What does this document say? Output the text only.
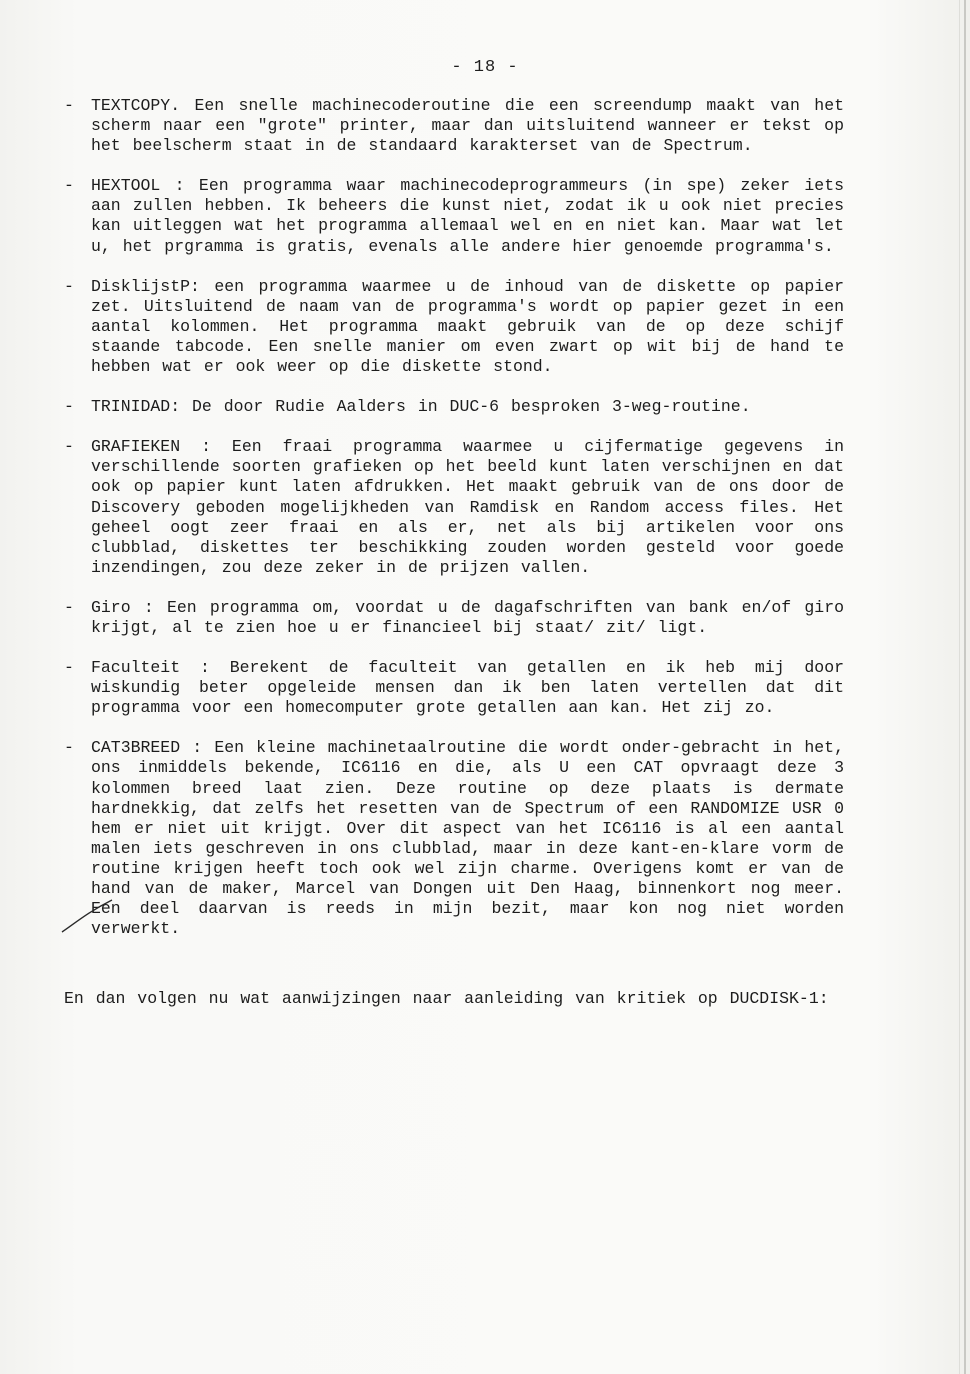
- 18 -
-	TEXTCOPY. Een snelle machinecoderoutine die een screendump maakt van het scherm naar een "grote" printer, maar dan uitsluitend wanneer er tekst op het beelscherm staat in de standaard karakterset van de Spectrum.
-	HEXTOOL : Een programma waar machinecodeprogrammeurs (in spe) zeker iets aan zullen hebben. Ik beheers die kunst niet, zodat ik u ook niet precies kan uitleggen wat het programma allemaal wel en en niet kan. Maar wat let u, het prgramma is gratis, evenals alle andere hier genoemde programma's.
-	DisklijstP: een programma waarmee u de inhoud van de diskette op papier zet. Uitsluitend de naam van de programma's wordt op papier gezet in een aantal kolommen. Het programma maakt gebruik van de op deze schijf staande tabcode. Een snelle manier om even zwart op wit bij de hand te hebben wat er ook weer op die diskette stond.
-	TRINIDAD: De door Rudie Aalders in DUC-6 besproken 3-weg-routine.
-	GRAFIEKEN : Een fraai programma waarmee u cijfermatige gegevens in verschillende soorten grafieken op het beeld kunt laten verschijnen en dat ook op papier kunt laten afdrukken. Het maakt gebruik van de ons door de Discovery geboden mogelijkheden van Ramdisk en Random access files. Het geheel oogt zeer fraai en als er, net als bij artikelen voor ons clubblad, diskettes ter beschikking zouden worden gesteld voor goede inzendingen, zou deze zeker in de prijzen vallen.
-	Giro : Een programma om, voordat u de dagafschriften van bank en/of giro krijgt, al te zien hoe u er financieel bij staat/ zit/ ligt.
-	Faculteit : Berekent de faculteit van getallen en ik heb mij door wiskundig beter opgeleide mensen dan ik ben laten vertellen dat dit programma voor een homecomputer grote getallen aan kan. Het zij zo.
-	CAT3BREED : Een kleine machinetaalroutine die wordt onder-gebracht in het, ons inmiddels bekende, IC6116 en die, als U een CAT opvraagt deze 3 kolommen breed laat zien. Deze routine op deze plaats is dermate hardnekkig, dat zelfs het resetten van de Spectrum of een RANDOMIZE USR 0 hem er niet uit krijgt. Over dit aspect van het IC6116 is al een aantal malen iets geschreven in ons clubblad, maar in deze kant-en-klare vorm de routine krijgen heeft toch ook wel zijn charme. Overigens komt er van de hand van de maker, Marcel van Dongen uit Den Haag, binnenkort nog meer. Een deel daarvan is reeds in mijn bezit, maar kon nog niet worden verwerkt.
En dan volgen nu wat aanwijzingen naar aanleiding van kritiek op DUCDISK-1:
